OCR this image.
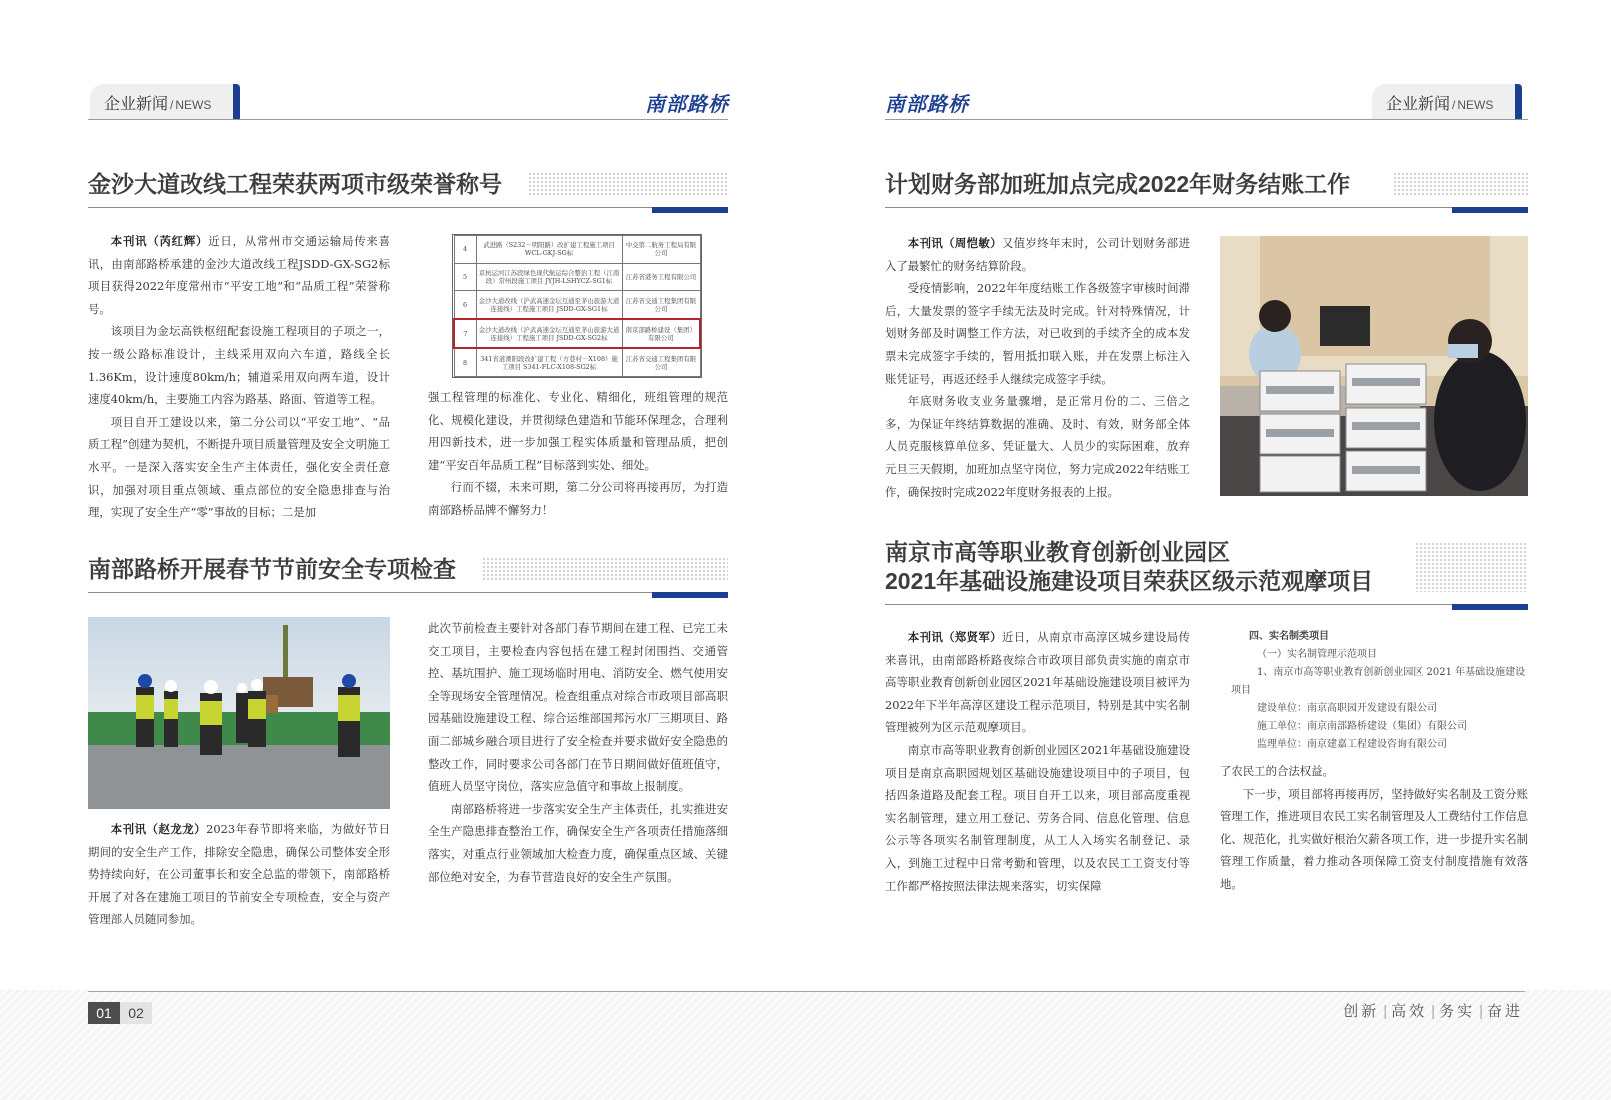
企业新闻 / NEWS	南部路桥
金沙大道改线工程荣获两项市级荣誉称号

本刊讯（芮红辉）近日，从常州市交通运输局传来喜讯，由南部路桥承建的金沙大道改线工程JSDD-GX-SG2标项目获得2022年度常州市“平安工地”和“品质工程”荣誉称号。

该项目为金坛高铁枢纽配套设施工程项目的子项之一，按一级公路标准设计，主线采用双向六车道，路线全长1.36Km，设计速度80km/h；辅道采用双向两车道，设计速度40km/h，主要施工内容为路基、路面、管道等工程。

项目自开工建设以来，第二分公司以“平安工地”、“品质工程”创建为契机，不断提升项目质量管理及安全文明施工水平。一是深入落实安全生产主体责任，强化安全责任意识，加强对项目重点领域、重点部位的安全隐患排查与治理，实现了安全生产“零”事故的目标；二是加

4	武进路（S232－明阳路）改扩建工程施工项目 WCL-GKJ-SG标	中交第二航务工程局有限公司
5	京杭运河江苏段绿色现代航运综合整治工程（江南段）常州段施工项目 JYJH-LSHYCZ-SG1标	江苏省港务工程有限公司
6	金沙大道改线（沪武高速金坛互通至茅山旅游大道连接线）工程施工项目 JSDD-GX-SG1标	江苏省交通工程集团有限公司
7	金沙大道改线（沪武高速金坛互通至茅山旅游大道连接线）工程施工项目 JSDD-GX-SG2标	南京部路桥建设（集团）有限公司
8	341省道溧阳段改扩建工程（方巷村－X108）施工项目 S341-FLC-X108-SG2标	江苏省交通工程集团有限公司

强工程管理的标准化、专业化、精细化，班组管理的规范化、规模化建设，并贯彻绿色建造和节能环保理念，合理利用四新技术，进一步加强工程实体质量和管理品质，把创建“平安百年品质工程”目标落到实处、细处。

行而不辍，未来可期，第二分公司将再接再厉，为打造南部路桥品牌不懈努力！

南部路桥开展春节节前安全专项检查

本刊讯（赵龙龙）2023年春节即将来临，为做好节日期间的安全生产工作，排除安全隐患，确保公司整体安全形势持续向好，在公司董事长和安全总监的带领下，南部路桥开展了对各在建施工项目的节前安全专项检查，安全与资产管理部人员随同参加。

此次节前检查主要针对各部门春节期间在建工程、已完工未交工项目，主要检查内容包括在建工程封闭围挡、交通管控、基坑围护、施工现场临时用电、消防安全、燃气使用安全等现场安全管理情况。检查组重点对综合市政项目部高职园基础设施建设工程、综合运维部国邦污水厂三期项目、路面二部城乡融合项目进行了安全检查并要求做好安全隐患的整改工作，同时要求公司各部门在节日期间做好值班值守，值班人员坚守岗位，落实应急值守和事故上报制度。

南部路桥将进一步落实安全生产主体责任，扎实推进安全生产隐患排查整治工作，确保安全生产各项责任措施落细落实，对重点行业领域加大检查力度，确保重点区域、关键部位绝对安全，为春节营造良好的安全生产氛围。

南部路桥	企业新闻 / NEWS
计划财务部加班加点完成2022年财务结账工作

本刊讯（周恺敏）又值岁终年末时，公司计划财务部进入了最繁忙的财务结算阶段。

受疫情影响，2022年年度结账工作各级签字审核时间滞后，大量发票的签字手续无法及时完成。针对特殊情况，计划财务部及时调整工作方法，对已收到的手续齐全的成本发票未完成签字手续的，暂用抵扣联入账，并在发票上标注入账凭证号，再返还经手人继续完成签字手续。

年底财务收支业务量骤增，是正常月份的二、三倍之多，为保证年终结算数据的准确、及时、有效，财务部全体人员克服核算单位多、凭证量大、人员少的实际困难，放弃元旦三天假期，加班加点坚守岗位，努力完成2022年结账工作，确保按时完成2022年度财务报表的上报。

南京市高等职业教育创新创业园区
2021年基础设施建设项目荣获区级示范观摩项目

本刊讯（郑贤军）近日，从南京市高淳区城乡建设局传来喜讯，由南部路桥路夜综合市政项目部负责实施的南京市高等职业教育创新创业园区2021年基础设施建设项目被评为2022年下半年高淳区建设工程示范项目，特别是其中实名制管理被列为区示范观摩项目。

南京市高等职业教育创新创业园区2021年基础设施建设项目是南京高职园规划区基础设施建设项目中的子项目，包括四条道路及配套工程。项目自开工以来，项目部高度重视实名制管理，建立用工登记、劳务合同、信息化管理、信息公示等各项实名制管理制度，从工人入场实名制登记、录入，到施工过程中日常考勤和管理，以及农民工工资支付等工作都严格按照法律法规来落实，切实保障

四、实名制类项目
（一）实名制管理示范项目
1、南京市高等职业教育创新创业园区 2021 年基础设施建设
项目
建设单位：南京高职园开发建设有限公司
施工单位：南京南部路桥建设（集团）有限公司
监理单位：南京建嘉工程建设咨询有限公司

了农民工的合法权益。

下一步，项目部将再接再厉，坚持做好实名制及工资分账管理工作，推进项目农民工实名制管理及人工费结付工作信息化、规范化，扎实做好根治欠薪各项工作，进一步提升实名制管理工作质量，着力推动各项保障工资支付制度措施有效落地。

01	02	创新 | 高效 | 务实 | 奋进
